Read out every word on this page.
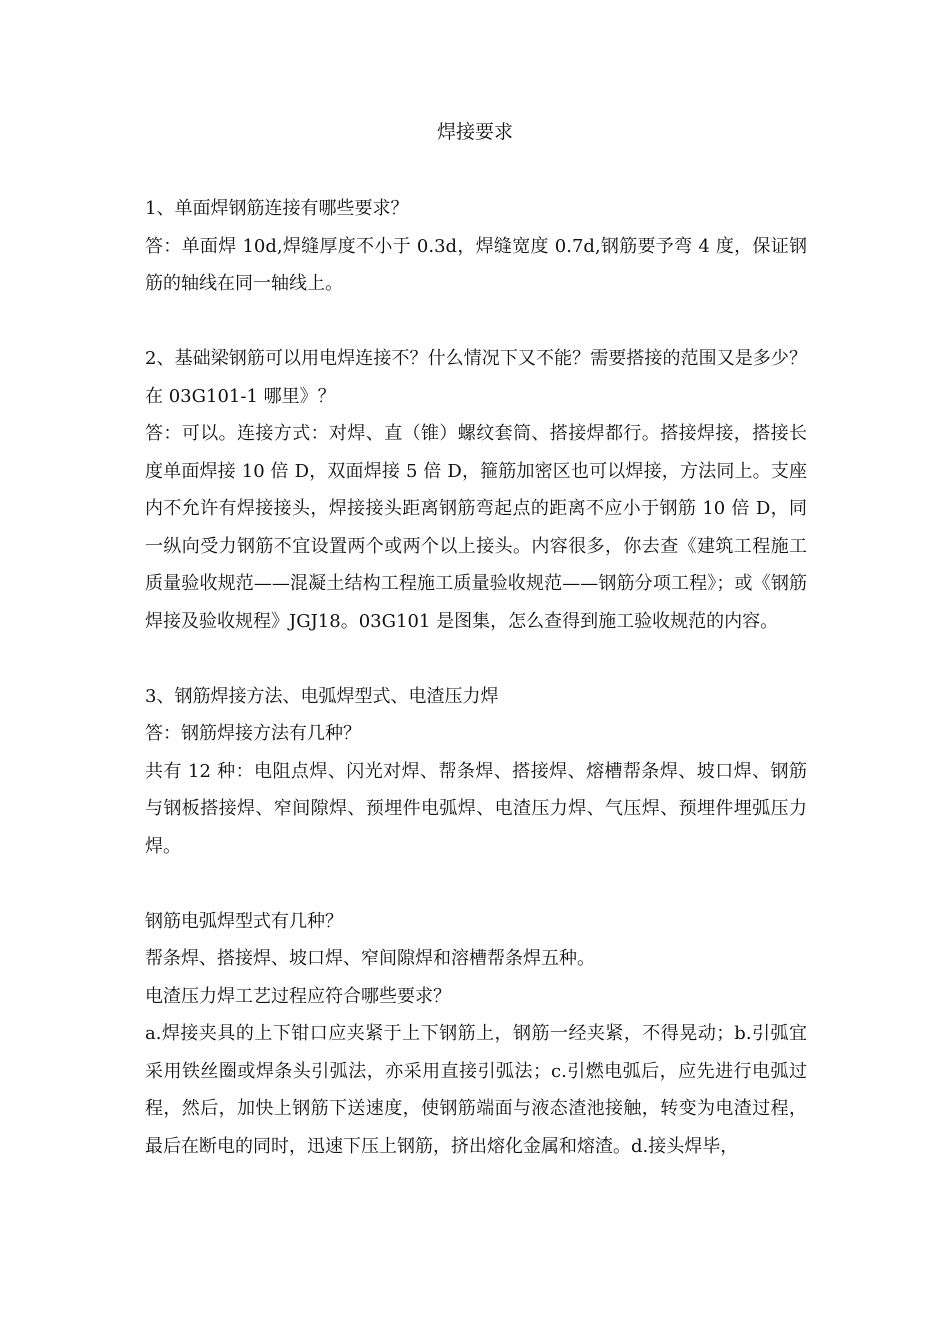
焊接要求

1、单面焊钢筋连接有哪些要求？

答：单面焊 10d,焊缝厚度不小于 0.3d，焊缝宽度 0.7d,钢筋要予弯 4 度，保证钢筋的轴线在同一轴线上。

2、基础梁钢筋可以用电焊连接不？什么情况下又不能？需要搭接的范围又是多少？在 03G101-1 哪里》？

答：可以。连接方式：对焊、直（锥）螺纹套筒、搭接焊都行。搭接焊接，搭接长度单面焊接 10 倍 D，双面焊接 5 倍 D，箍筋加密区也可以焊接，方法同上。支座内不允许有焊接接头，焊接接头距离钢筋弯起点的距离不应小于钢筋 10 倍 D，同一纵向受力钢筋不宜设置两个或两个以上接头。内容很多，你去查《建筑工程施工质量验收规范——混凝土结构工程施工质量验收规范——钢筋分项工程》；或《钢筋焊接及验收规程》JGJ18。03G101 是图集，怎么查得到施工验收规范的内容。

3、钢筋焊接方法、电弧焊型式、电渣压力焊

答：钢筋焊接方法有几种？

共有 12 种：电阻点焊、闪光对焊、帮条焊、搭接焊、熔槽帮条焊、坡口焊、钢筋与钢板搭接焊、窄间隙焊、预埋件电弧焊、电渣压力焊、气压焊、预埋件埋弧压力焊。

钢筋电弧焊型式有几种？

帮条焊、搭接焊、坡口焊、窄间隙焊和溶槽帮条焊五种。

电渣压力焊工艺过程应符合哪些要求？

a.焊接夹具的上下钳口应夹紧于上下钢筋上，钢筋一经夹紧，不得晃动；b.引弧宜采用铁丝圈或焊条头引弧法，亦采用直接引弧法；c.引燃电弧后，应先进行电弧过程，然后，加快上钢筋下送速度，使钢筋端面与液态渣池接触，转变为电渣过程，最后在断电的同时，迅速下压上钢筋，挤出熔化金属和熔渣。d.接头焊毕，
